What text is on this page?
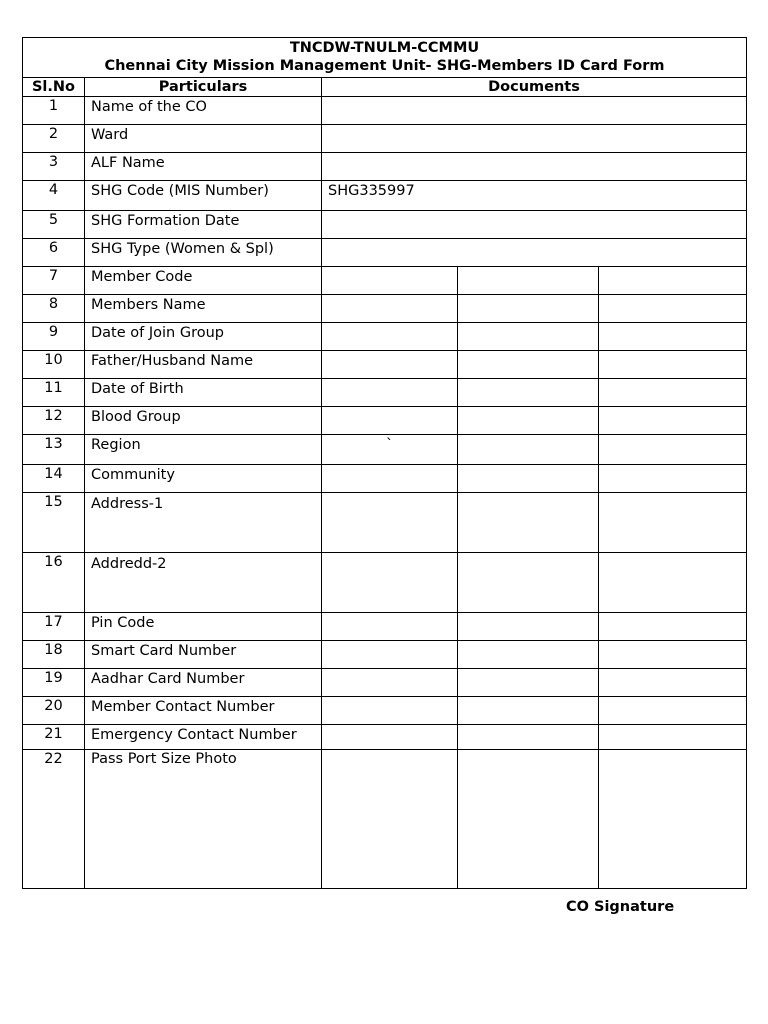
TNCDW-TNULM-CCMMU
Chennai City Mission Management Unit- SHG-Members ID Card Form				

Sl.No	Particulars	Documents		
1	Name of the CO			
2	Ward			
3	ALF Name			
4	SHG Code (MIS Number)	SHG335997		
5	SHG Formation Date			
6	SHG Type (Women & Spl)			
7	Member Code			
8	Members Name			
9	Date of Join Group			
10	Father/Husband Name			
11	Date of Birth			
12	Blood Group			
13	Region	`		
14	Community			
15	Address-1			
16	Addredd-2			
17	Pin Code			
18	Smart Card Number			
19	Aadhar Card Number			
20	Member Contact Number			
21	Emergency Contact Number			
22	Pass Port Size Photo			
CO Signature
